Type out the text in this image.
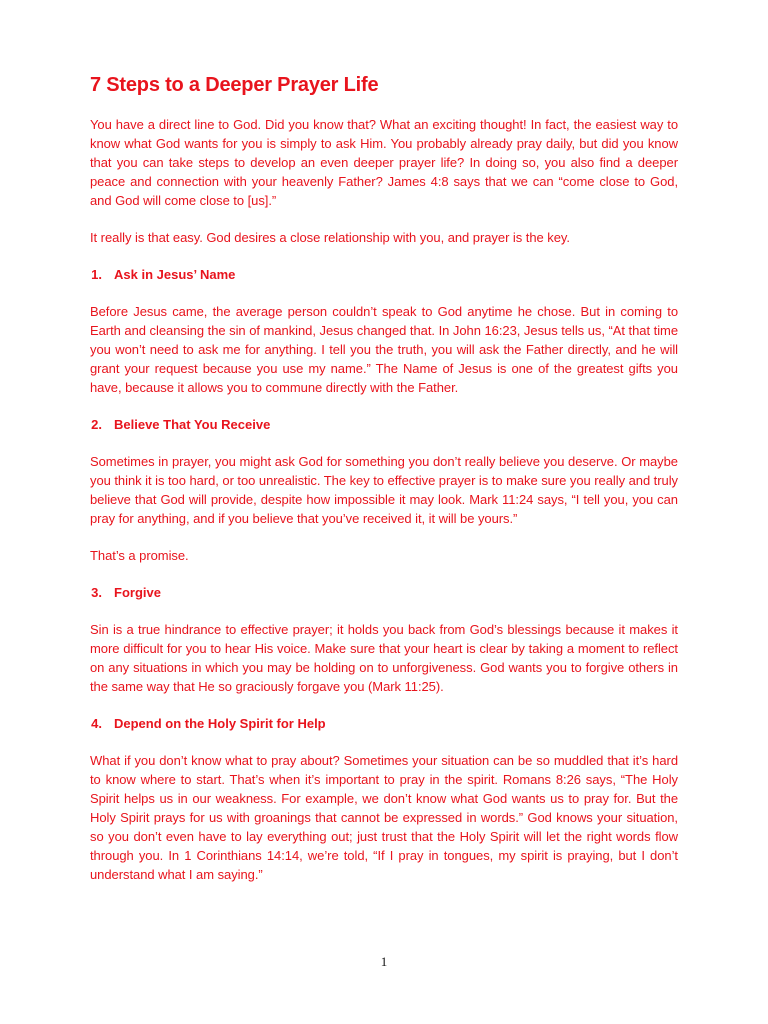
7 Steps to a Deeper Prayer Life

You have a direct line to God. Did you know that? What an exciting thought! In fact, the easiest way to know what God wants for you is simply to ask Him. You probably already pray daily, but did you know that you can take steps to develop an even deeper prayer life? In doing so, you also find a deeper peace and connection with your heavenly Father? James 4:8 says that we can “come close to God, and God will come close to [us].”

It really is that easy. God desires a close relationship with you, and prayer is the key.

1. Ask in Jesus’ Name

Before Jesus came, the average person couldn’t speak to God anytime he chose. But in coming to Earth and cleansing the sin of mankind, Jesus changed that. In John 16:23, Jesus tells us, “At that time you won’t need to ask me for anything. I tell you the truth, you will ask the Father directly, and he will grant your request because you use my name.” The Name of Jesus is one of the greatest gifts you have, because it allows you to commune directly with the Father.

2. Believe That You Receive

Sometimes in prayer, you might ask God for something you don’t really believe you deserve. Or maybe you think it is too hard, or too unrealistic. The key to effective prayer is to make sure you really and truly believe that God will provide, despite how impossible it may look. Mark 11:24 says, “I tell you, you can pray for anything, and if you believe that you’ve received it, it will be yours.”

That’s a promise.

3. Forgive

Sin is a true hindrance to effective prayer; it holds you back from God’s blessings because it makes it more difficult for you to hear His voice. Make sure that your heart is clear by taking a moment to reflect on any situations in which you may be holding on to unforgiveness. God wants you to forgive others in the same way that He so graciously forgave you (Mark 11:25).

4. Depend on the Holy Spirit for Help

What if you don’t know what to pray about? Sometimes your situation can be so muddled that it’s hard to know where to start. That’s when it’s important to pray in the spirit. Romans 8:26 says, “The Holy Spirit helps us in our weakness. For example, we don’t know what God wants us to pray for. But the Holy Spirit prays for us with groanings that cannot be expressed in words.” God knows your situation, so you don’t even have to lay everything out; just trust that the Holy Spirit will let the right words flow through you. In 1 Corinthians 14:14, we’re told, “If I pray in tongues, my spirit is praying, but I don’t understand what I am saying.”

1
